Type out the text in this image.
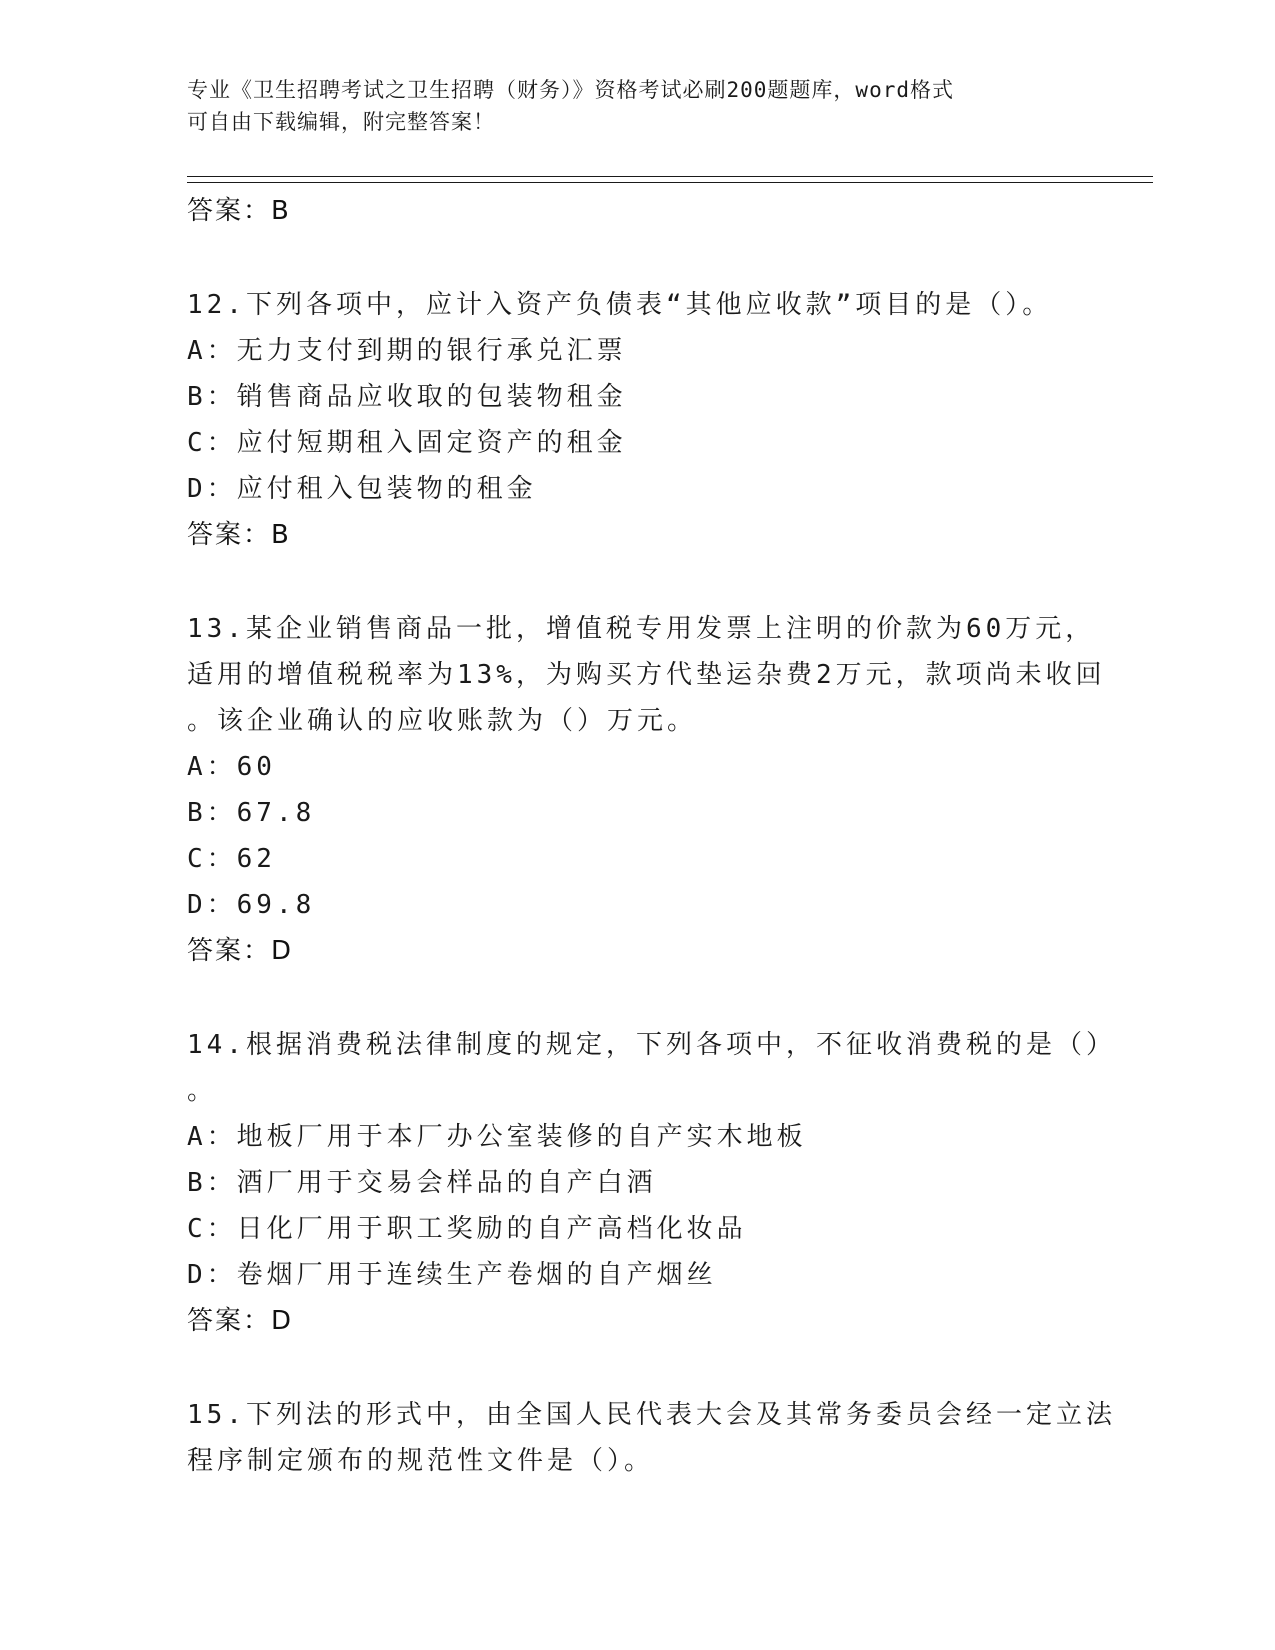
专业《卫生招聘考试之卫生招聘（财务）》资格考试必刷200题题库，word格式
可自由下载编辑，附完整答案！
答案：B
12.下列各项中，应计入资产负债表“其他应收款”项目的是（）。
A：无力支付到期的银行承兑汇票
B：销售商品应收取的包装物租金
C：应付短期租入固定资产的租金
D：应付租入包装物的租金
答案：B
13.某企业销售商品一批，增值税专用发票上注明的价款为60万元，
适用的增值税税率为13%，为购买方代垫运杂费2万元，款项尚未收回
。该企业确认的应收账款为（）万元。
A：60
B：67.8
C：62
D：69.8
答案：D
14.根据消费税法律制度的规定，下列各项中，不征收消费税的是（）
。
A：地板厂用于本厂办公室装修的自产实木地板
B：酒厂用于交易会样品的自产白酒
C：日化厂用于职工奖励的自产高档化妆品
D：卷烟厂用于连续生产卷烟的自产烟丝
答案：D
15.下列法的形式中，由全国人民代表大会及其常务委员会经一定立法
程序制定颁布的规范性文件是（）。
